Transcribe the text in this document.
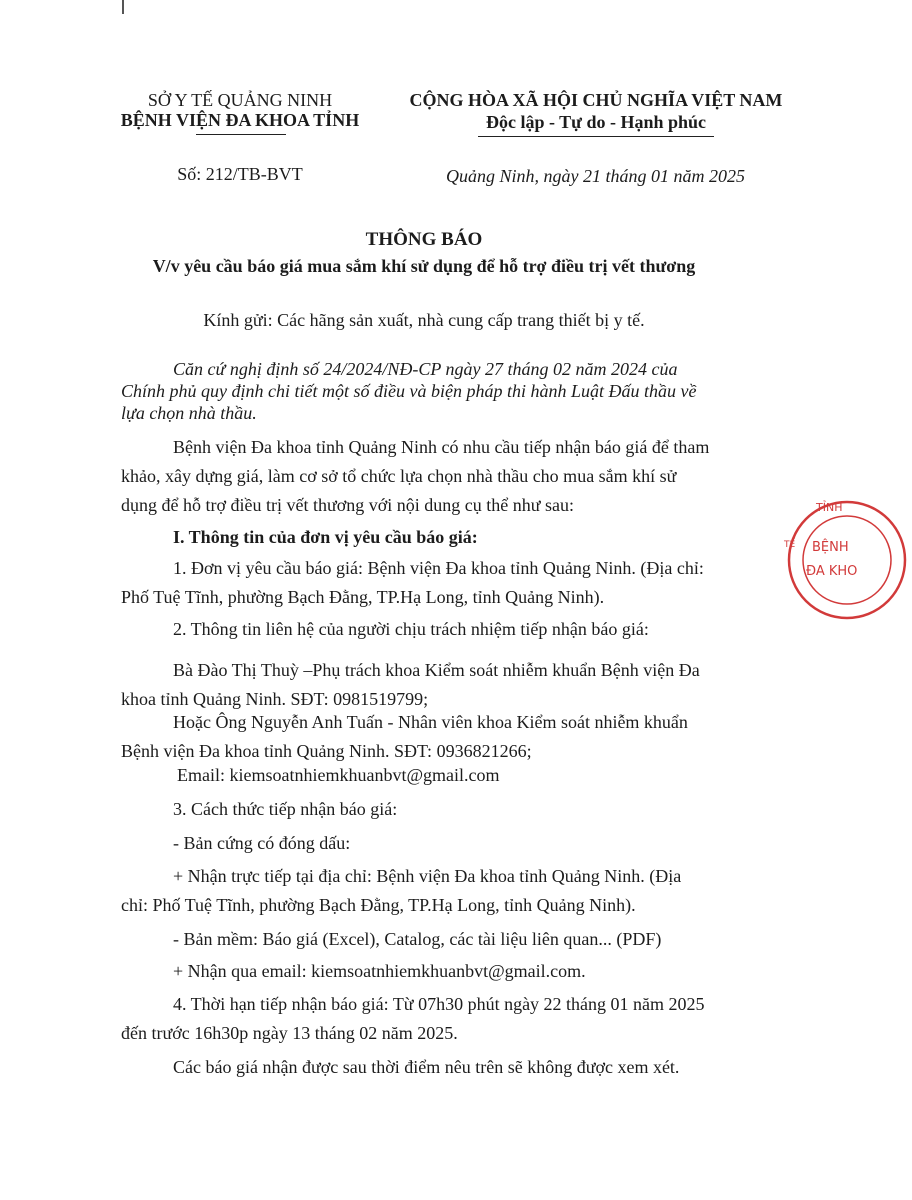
SỞ Y TẾ QUẢNG NINH
BỆNH VIỆN ĐA KHOA TỈNH
CỘNG HÒA XÃ HỘI CHỦ NGHĨA VIỆT NAM
Độc lập - Tự do - Hạnh phúc
Số: 212/TB-BVT	Quảng Ninh, ngày 21 tháng 01 năm 2025
THÔNG BÁO
V/v yêu cầu báo giá mua sắm khí sử dụng để hỗ trợ điều trị vết thương
Kính gửi: Các hãng sản xuất, nhà cung cấp trang thiết bị y tế.
Căn cứ nghị định số 24/2024/NĐ-CP ngày 27 tháng 02 năm 2024 của
Chính phủ quy định chi tiết một số điều và biện pháp thi hành Luật Đấu thầu về
lựa chọn nhà thầu.
Bệnh viện Đa khoa tỉnh Quảng Ninh có nhu cầu tiếp nhận báo giá để tham
khảo, xây dựng giá, làm cơ sở tổ chức lựa chọn nhà thầu cho mua sắm khí sử
dụng để hỗ trợ điều trị vết thương với nội dung cụ thể như sau:
I. Thông tin của đơn vị yêu cầu báo giá:
1. Đơn vị yêu cầu báo giá: Bệnh viện Đa khoa tỉnh Quảng Ninh. (Địa chỉ:
Phố Tuệ Tĩnh, phường Bạch Đằng, TP.Hạ Long, tỉnh Quảng Ninh).
2. Thông tin liên hệ của người chịu trách nhiệm tiếp nhận báo giá:
Bà Đào Thị Thuỳ –Phụ trách khoa Kiểm soát nhiễm khuẩn Bệnh viện Đa
khoa tỉnh Quảng Ninh. SĐT: 0981519799;
Hoặc Ông Nguyễn Anh Tuấn - Nhân viên khoa Kiểm soát nhiễm khuẩn
Bệnh viện Đa khoa tỉnh Quảng Ninh. SĐT: 0936821266;
Email: kiemsoatnhiemkhuanbvt@gmail.com
3. Cách thức tiếp nhận báo giá:
- Bản cứng có đóng dấu:
+ Nhận trực tiếp tại địa chỉ: Bệnh viện Đa khoa tỉnh Quảng Ninh. (Địa
chỉ: Phố Tuệ Tĩnh, phường Bạch Đằng, TP.Hạ Long, tỉnh Quảng Ninh).
- Bản mềm: Báo giá (Excel), Catalog, các tài liệu liên quan... (PDF)
+ Nhận qua email: kiemsoatnhiemkhuanbvt@gmail.com.
4. Thời hạn tiếp nhận báo giá: Từ 07h30 phút ngày 22 tháng 01 năm 2025
đến trước 16h30p ngày 13 tháng 02 năm 2025.
Các báo giá nhận được sau thời điểm nêu trên sẽ không được xem xét.
TỈNH
TẾ BỆNH
ĐA KHO
